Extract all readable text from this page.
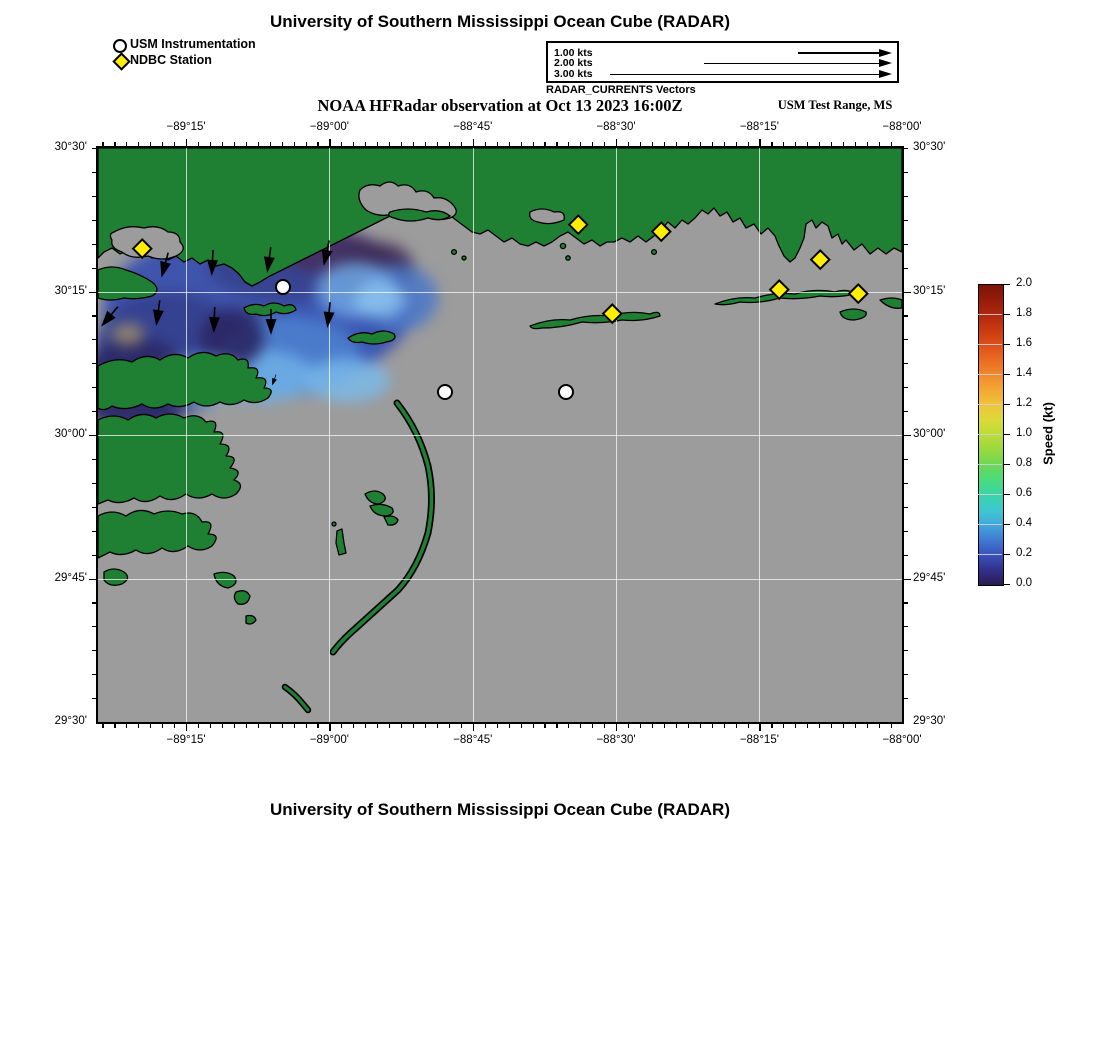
University of Southern Mississippi Ocean Cube (RADAR)
USM Instrumentation
NDBC Station	1.00 kts
2.00 kts
3.00 kts
RADAR_CURRENTS Vectors
NOAA HFRadar observation at Oct 13 2023 16:00Z	USM Test Range, MS
−89°15'
−89°15'
−89°00'
−89°00'
−88°45'
−88°45'
−88°30'
−88°30'
−88°15'
−88°15'
−88°00'
−88°00'
30°30'	30°30'
30°15'	30°15'
30°00'	30°00'
29°45'	29°45'
29°30'	29°30'
2.0
1.8
1.6
1.4
1.2
1.0
0.8
0.6
0.4
0.2
0.0
Speed (kt)
University of Southern Mississippi Ocean Cube (RADAR)
